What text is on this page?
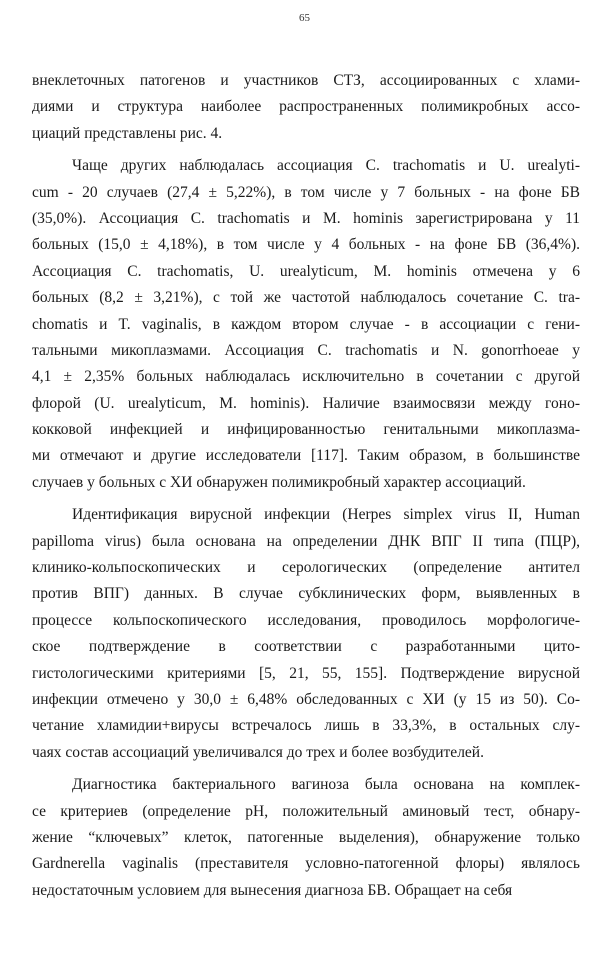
65
внеклеточных патогенов и участников СТЗ, ассоциированных с хлами-
диями и структура наиболее распространенных полимикробных ассо-
циаций представлены рис. 4.
Чаще других наблюдалась ассоциация C. trachomatis и U. urealyti-
cum - 20 случаев (27,4 ± 5,22%), в том числе у 7 больных - на фоне БВ
(35,0%). Ассоциация C. trachomatis и M. hominis зарегистрирована у 11
больных (15,0 ± 4,18%), в том числе у 4 больных - на фоне БВ (36,4%).
Ассоциация C. trachomatis, U. urealyticum, M. hominis отмечена у 6
больных (8,2 ± 3,21%), с той же частотой наблюдалось сочетание C. tra-
chomatis и T. vaginalis, в каждом втором случае - в ассоциации с гени-
тальными микоплазмами. Ассоциация C. trachomatis и N. gonorrhoeae у
4,1 ± 2,35% больных наблюдалась исключительно в сочетании с другой
флорой (U. urealyticum, M. hominis). Наличие взаимосвязи между гоно-
кокковой инфекцией и инфицированностью генитальными микоплазма-
ми отмечают и другие исследователи [117]. Таким образом, в большинстве
случаев у больных с ХИ обнаружен полимикробный характер ассоциаций.
Идентификация вирусной инфекции (Herpes simplex virus II, Human
papilloma virus) была основана на определении ДНК ВПГ II типа (ПЦР),
клинико-кольпоскопических и серологических (определение антител
против ВПГ) данных. В случае субклинических форм, выявленных в
процессе кольпоскопического исследования, проводилось морфологиче-
ское подтверждение в соответствии с разработанными цито-
гистологическими критериями [5, 21, 55, 155]. Подтверждение вирусной
инфекции отмечено у 30,0 ± 6,48% обследованных с ХИ (у 15 из 50). Со-
четание хламидии+вирусы встречалось лишь в 33,3%, в остальных слу-
чаях состав ассоциаций увеличивался до трех и более возбудителей.
Диагностика бактериального вагиноза была основана на комплек-
се критериев (определение pH, положительный аминовый тест, обнару-
жение “ключевых” клеток, патогенные выделения), обнаружение только
Gardnerella vaginalis (преставителя условно-патогенной флоры) являлось
недостаточным условием для вынесения диагноза БВ. Обращает на себя
